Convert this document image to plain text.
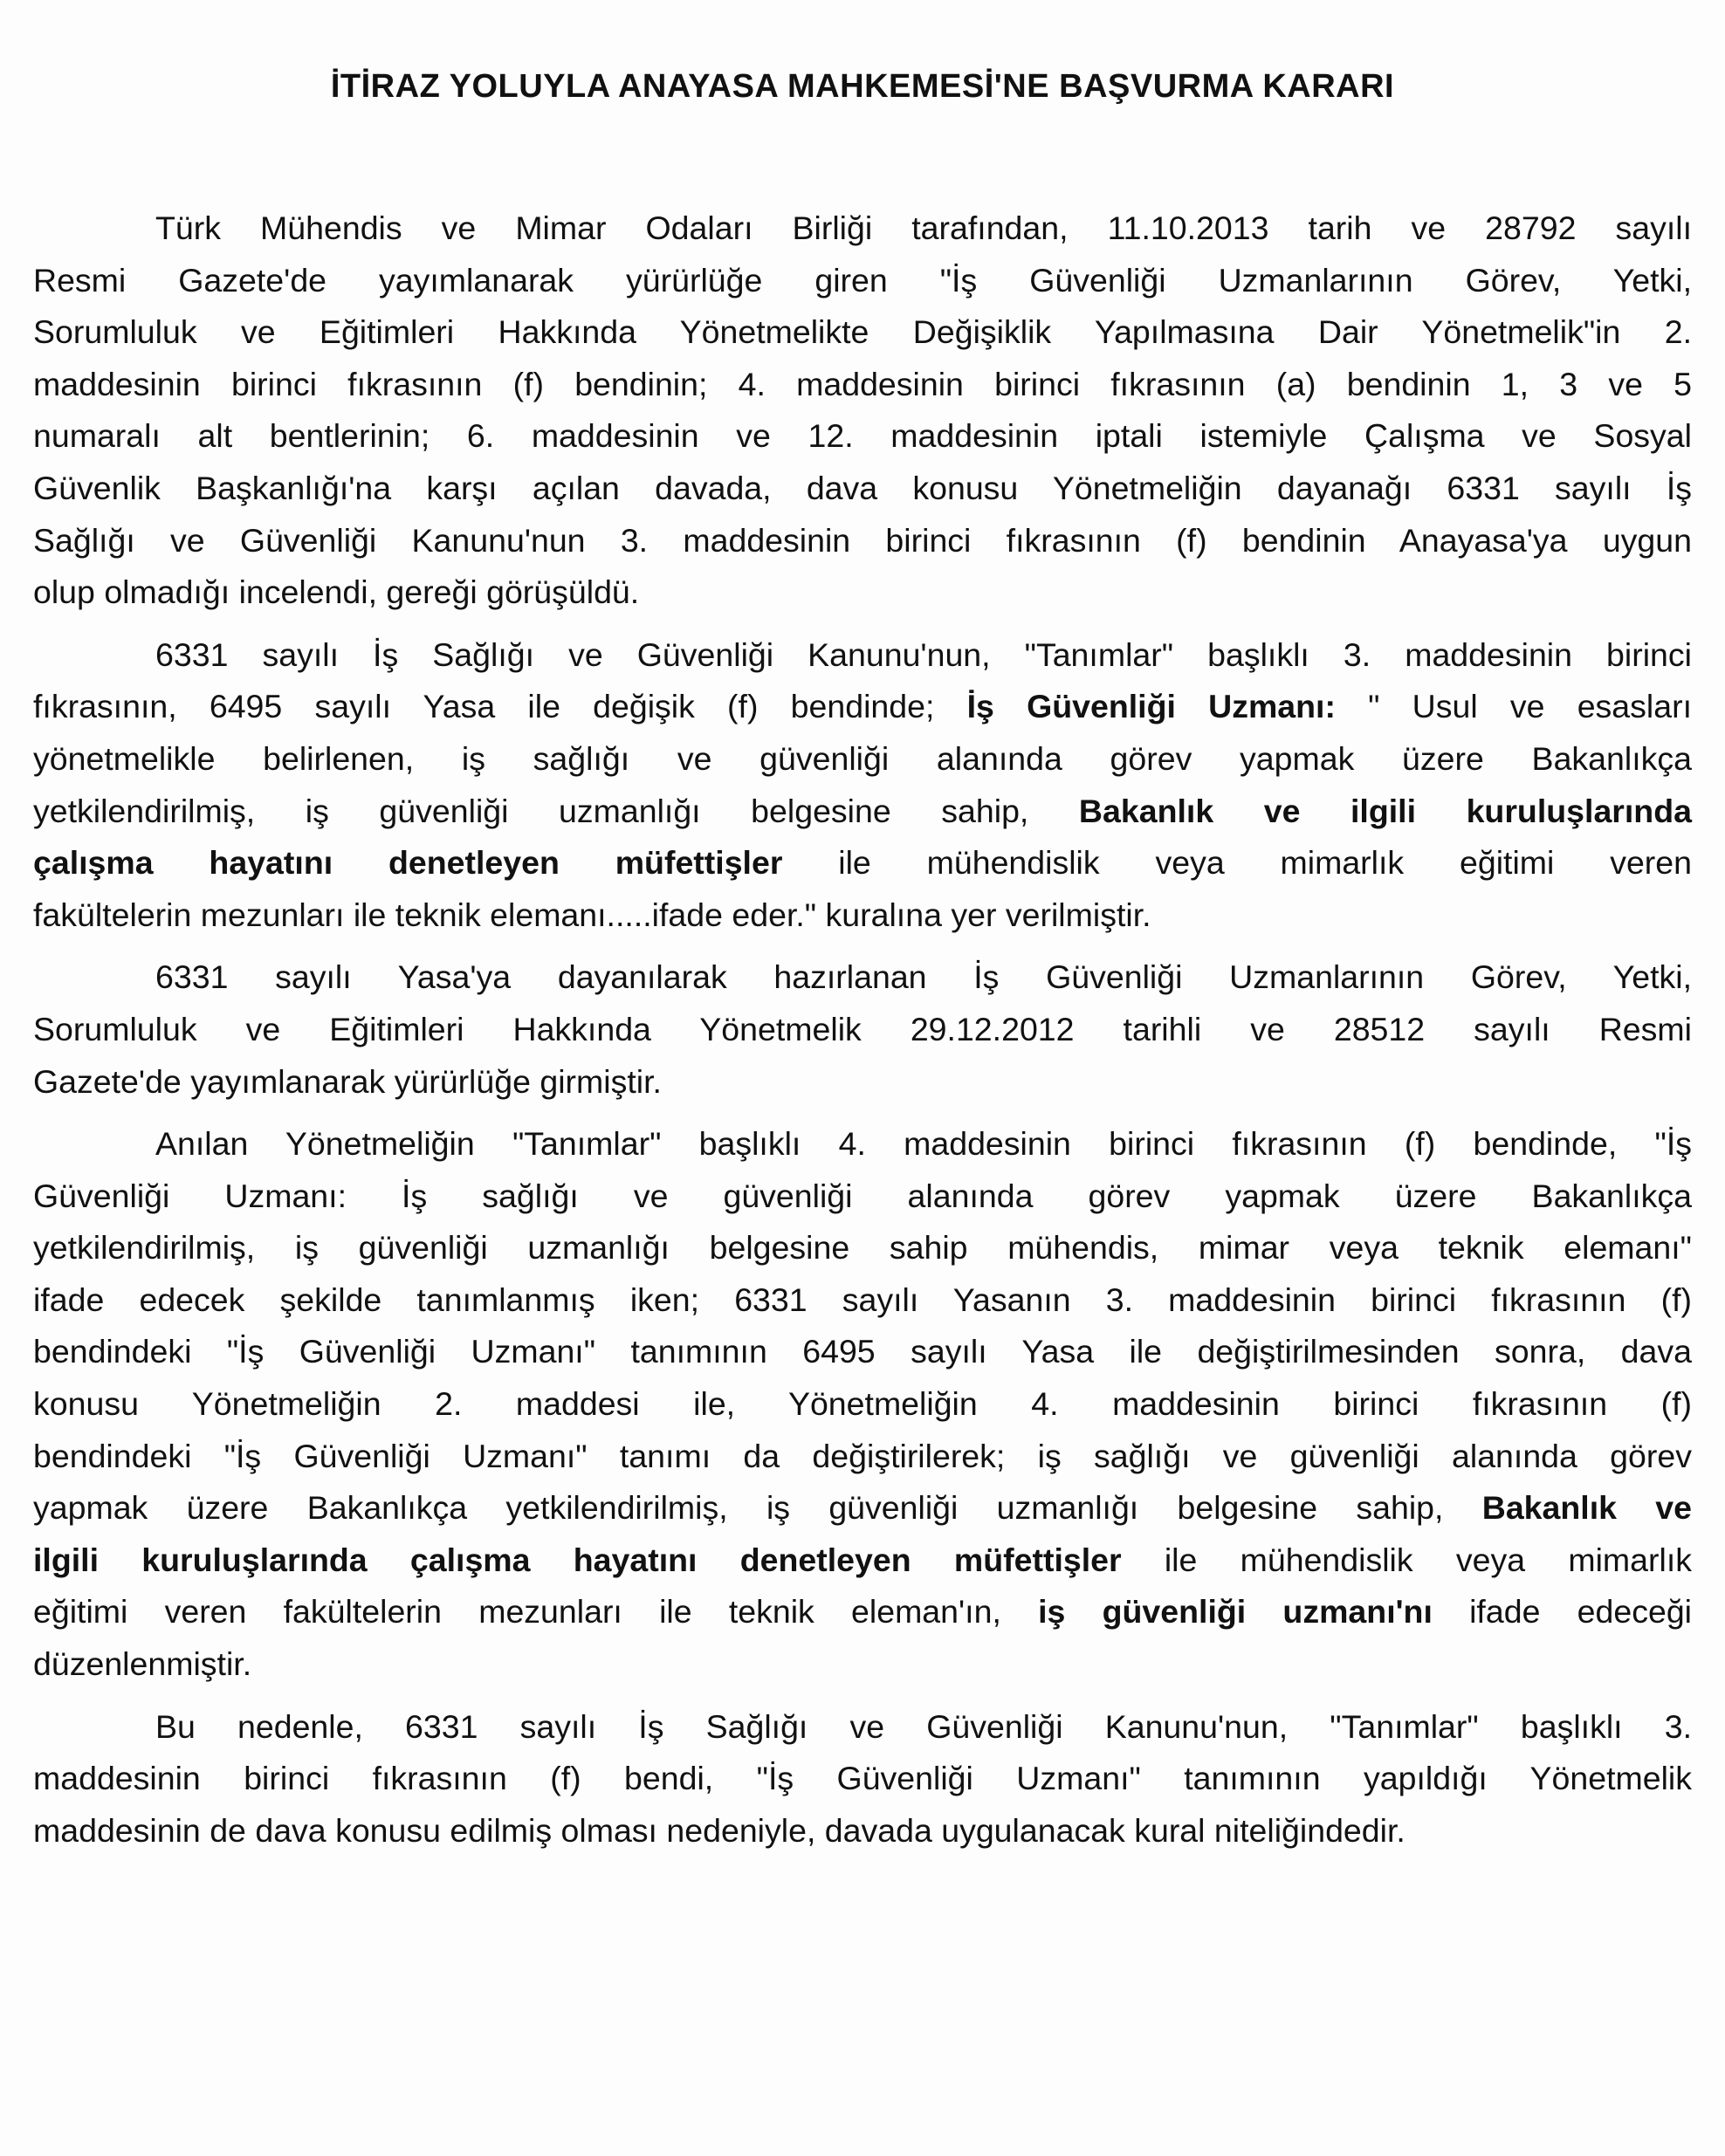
İTİRAZ YOLUYLA ANAYASA MAHKEMESİ'NE BAŞVURMA KARARI
Türk Mühendis ve Mimar Odaları Birliği tarafından, 11.10.2013 tarih ve 28792 sayılı
Resmi Gazete'de yayımlanarak yürürlüğe giren "İş Güvenliği Uzmanlarının Görev, Yetki,
Sorumluluk ve Eğitimleri Hakkında Yönetmelikte Değişiklik Yapılmasına Dair Yönetmelik"in 2.
maddesinin birinci fıkrasının (f) bendinin; 4. maddesinin birinci fıkrasının (a) bendinin 1, 3 ve 5
numaralı alt bentlerinin; 6. maddesinin ve 12. maddesinin iptali istemiyle Çalışma ve Sosyal
Güvenlik Başkanlığı'na karşı açılan davada, dava konusu Yönetmeliğin dayanağı 6331 sayılı İş
Sağlığı ve Güvenliği Kanunu'nun 3. maddesinin birinci fıkrasının (f) bendinin Anayasa'ya uygun
olup olmadığı incelendi, gereği görüşüldü.
6331 sayılı İş Sağlığı ve Güvenliği Kanunu'nun, "Tanımlar" başlıklı 3. maddesinin birinci
fıkrasının, 6495 sayılı Yasa ile değişik (f) bendinde; İş Güvenliği Uzmanı: " Usul ve esasları
yönetmelikle belirlenen, iş sağlığı ve güvenliği alanında görev yapmak üzere Bakanlıkça
yetkilendirilmiş, iş güvenliği uzmanlığı belgesine sahip, Bakanlık ve ilgili kuruluşlarında
çalışma hayatını denetleyen müfettişler ile mühendislik veya mimarlık eğitimi veren
fakültelerin mezunları ile teknik elemanı.....ifade eder." kuralına yer verilmiştir.
6331 sayılı Yasa'ya dayanılarak hazırlanan İş Güvenliği Uzmanlarının Görev, Yetki,
Sorumluluk ve Eğitimleri Hakkında Yönetmelik 29.12.2012 tarihli ve 28512 sayılı Resmi
Gazete'de yayımlanarak yürürlüğe girmiştir.
Anılan Yönetmeliğin "Tanımlar" başlıklı 4. maddesinin birinci fıkrasının (f) bendinde, "İş
Güvenliği Uzmanı: İş sağlığı ve güvenliği alanında görev yapmak üzere Bakanlıkça
yetkilendirilmiş, iş güvenliği uzmanlığı belgesine sahip mühendis, mimar veya teknik elemanı"
ifade edecek şekilde tanımlanmış iken; 6331 sayılı Yasanın 3. maddesinin birinci fıkrasının (f)
bendindeki "İş Güvenliği Uzmanı" tanımının 6495 sayılı Yasa ile değiştirilmesinden sonra, dava
konusu Yönetmeliğin 2. maddesi ile, Yönetmeliğin 4. maddesinin birinci fıkrasının (f)
bendindeki "İş Güvenliği Uzmanı" tanımı da değiştirilerek; iş sağlığı ve güvenliği alanında görev
yapmak üzere Bakanlıkça yetkilendirilmiş, iş güvenliği uzmanlığı belgesine sahip, Bakanlık ve
ilgili kuruluşlarında çalışma hayatını denetleyen müfettişler ile mühendislik veya mimarlık
eğitimi veren fakültelerin mezunları ile teknik eleman'ın, iş güvenliği uzmanı'nı ifade edeceği
düzenlenmiştir.
Bu nedenle, 6331 sayılı İş Sağlığı ve Güvenliği Kanunu'nun, "Tanımlar" başlıklı 3.
maddesinin birinci fıkrasının (f) bendi, "İş Güvenliği Uzmanı" tanımının yapıldığı Yönetmelik
maddesinin de dava konusu edilmiş olması nedeniyle, davada uygulanacak kural niteliğindedir.
